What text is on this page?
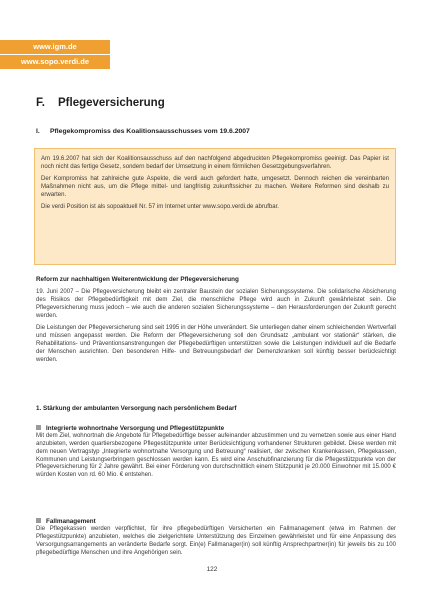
www.igm.de
www.sopo.verdi.de
F. Pflegeversicherung
I. Pflegekompromiss des Koalitionsausschusses vom 19.6.2007

Am 19.6.2007 hat sich der Koalitionsausschuss auf den nachfolgend abgedruckten Pflegekompromiss geeinigt. Das Papier ist noch nicht das fertige Gesetz, sondern bedarf der Umsetzung in einem förmlichen Gesetzgebungsverfahren.

Der Kompromiss hat zahlreiche gute Aspekte, die verdi auch gefordert hatte, umgesetzt. Dennoch reichen die vereinbarten Maßnahmen nicht aus, um die Pflege mittel- und langfristig zukunftssicher zu machen. Weitere Reformen sind deshalb zu erwarten.

Die verdi Position ist als sopoaktuell Nr. 57 im Internet unter www.sopo.verdi.de abrufbar.

Reform zur nachhaltigen Weiterentwicklung der Pflegeversicherung

19. Juni 2007 – Die Pflegeversicherung bleibt ein zentraler Baustein der sozialen Sicherungssysteme. Die solidarische Absicherung des Risikos der Pflegebedürftigkeit mit dem Ziel, die menschliche Pflege wird auch in Zukunft gewährleistet sein. Die Pflegeversicherung muss jedoch – wie auch die anderen sozialen Sicherungssysteme – den Herausforderungen der Zukunft gerecht werden.

Die Leistungen der Pflegeversicherung sind seit 1995 in der Höhe unverändert. Sie unterliegen daher einem schleichenden Wertverfall und müssen angepasst werden. Die Reform der Pflegeversicherung soll den Grundsatz „ambulant vor stationär“ stärken, die Rehabilitations- und Präventionsanstrengungen der Pflegebedürftigen unterstützen sowie die Leistungen individuell auf die Bedarfe der Menschen ausrichten. Den besonderen Hilfe- und Betreuungsbedarf der Demenzkranken soll künftig besser berücksichtigt werden.

1. Stärkung der ambulanten Versorgung nach persönlichem Bedarf
Integrierte wohnortnahe Versorgung und Pflegestützpunkte

Mit dem Ziel, wohnortnah die Angebote für Pflegebedürftige besser aufeinander abzustimmen und zu vernetzen sowie aus einer Hand anzubieten, werden quartiersbezogene Pflegestützpunkte unter Berücksichtigung vorhandener Strukturen gebildet. Diese werden mit dem neuen Vertragstyp „Integrierte wohnortnahe Versorgung und Betreuung“ realisiert, der zwischen Krankenkassen, Pflegekassen, Kommunen und Leistungserbringern geschlossen werden kann. Es wird eine Anschubfinanzierung für die Pflegestützpunkte von der Pflegeversicherung für 2 Jahre gewährt. Bei einer Förderung von durchschnittlich einem Stützpunkt je 20.000 Einwohner mit 15.000 € würden Kosten von rd. 60 Mio. € entstehen.

Fallmanagement

Die Pflegekassen werden verpflichtet, für ihre pflegebedürftigen Versicherten ein Fallmanagement (etwa im Rahmen der Pflegestützpunkte) anzubieten, welches die zielgerichtete Unterstützung des Einzelnen gewährleistet und für eine Anpassung des Versorgungsarrangements an veränderte Bedarfe sorgt. Ein(e) Fallmanager(in) soll künftig Ansprechpartner(in) für jeweils bis zu 100 pflegebedürftige Menschen und ihre Angehörigen sein.

122
